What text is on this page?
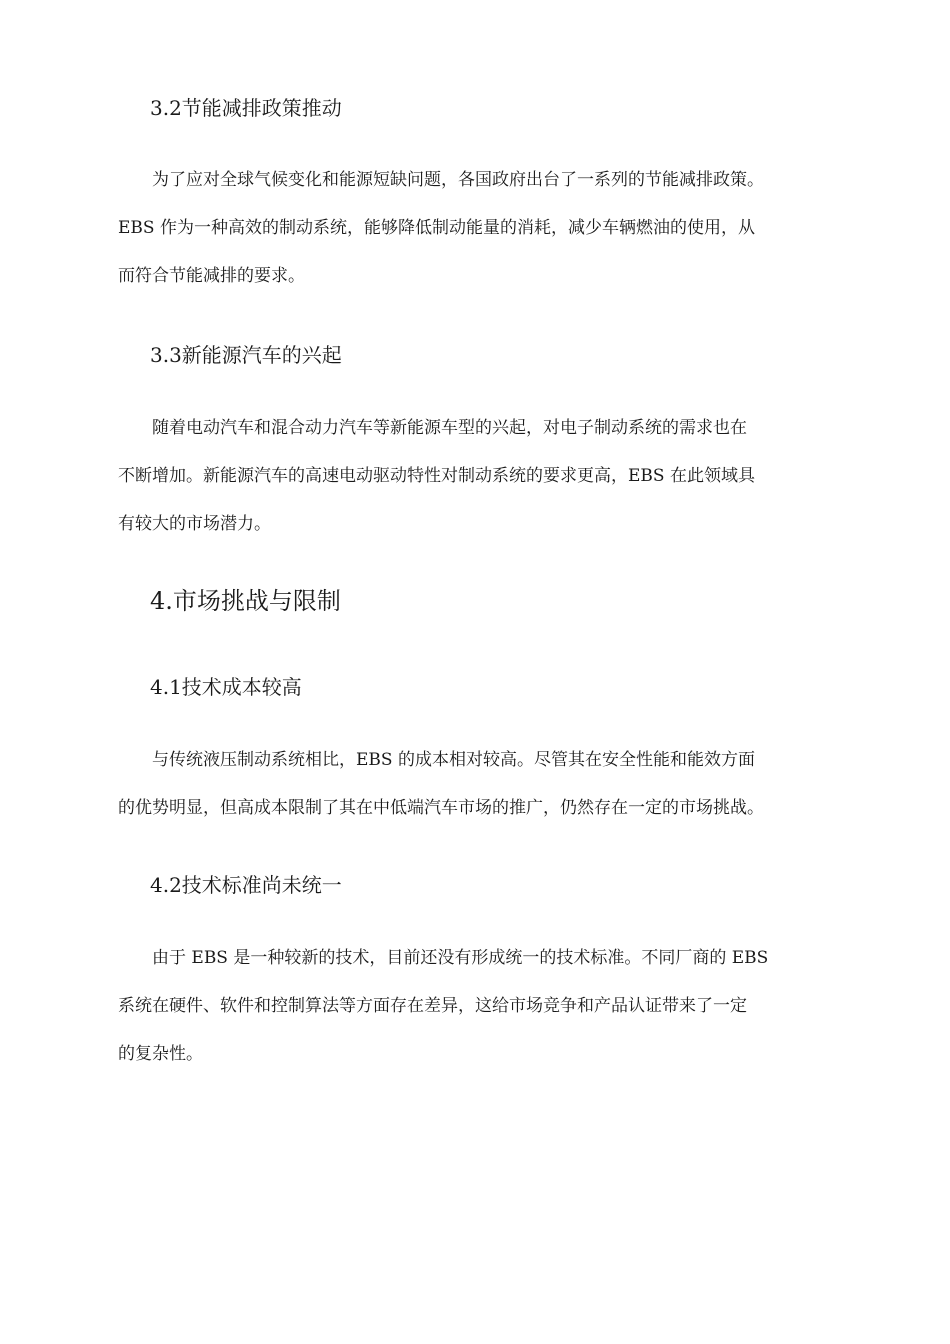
3.2节能减排政策推动
为了应对全球气候变化和能源短缺问题，各国政府出台了一系列的节能减排政策。
EBS 作为一种高效的制动系统，能够降低制动能量的消耗，减少车辆燃油的使用，从
而符合节能减排的要求。
3.3新能源汽车的兴起
随着电动汽车和混合动力汽车等新能源车型的兴起，对电子制动系统的需求也在
不断增加。新能源汽车的高速电动驱动特性对制动系统的要求更高，EBS 在此领域具
有较大的市场潜力。
4.市场挑战与限制
4.1技术成本较高
与传统液压制动系统相比，EBS 的成本相对较高。尽管其在安全性能和能效方面
的优势明显，但高成本限制了其在中低端汽车市场的推广，仍然存在一定的市场挑战。
4.2技术标准尚未统一
由于 EBS 是一种较新的技术，目前还没有形成统一的技术标准。不同厂商的 EBS
系统在硬件、软件和控制算法等方面存在差异，这给市场竞争和产品认证带来了一定
的复杂性。
